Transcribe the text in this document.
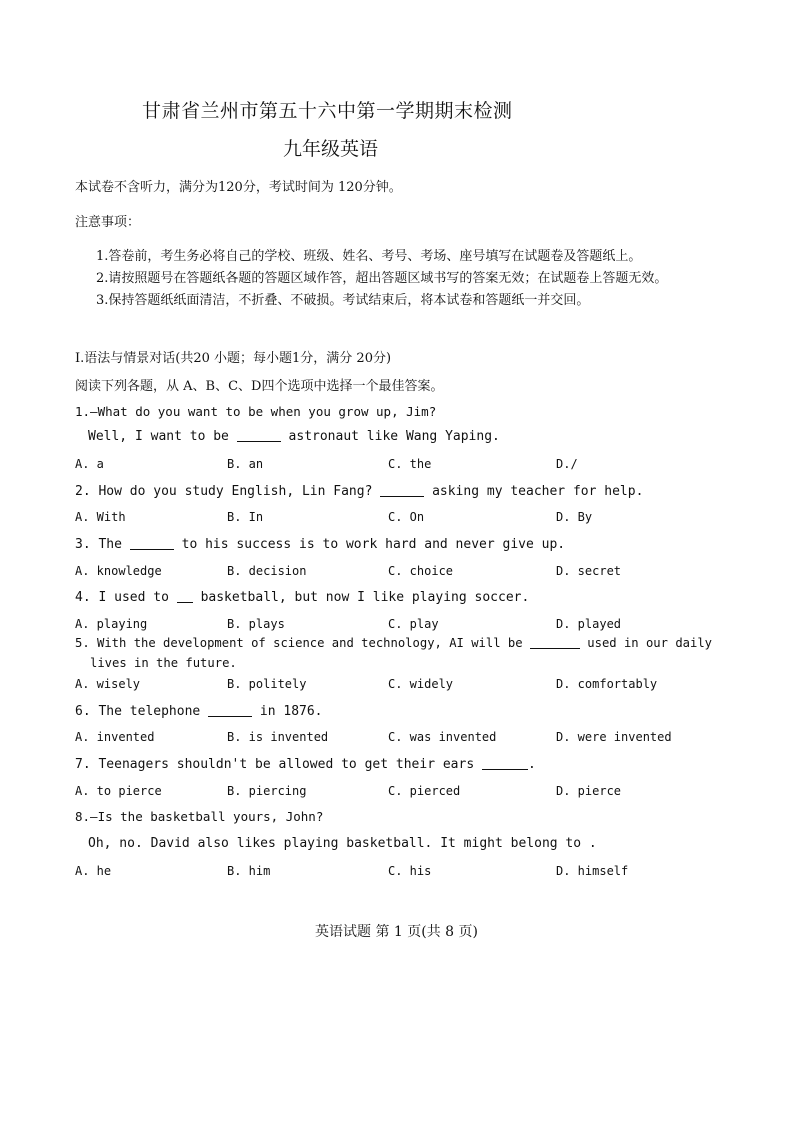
甘肃省兰州市第五十六中第一学期期末检测
九年级英语
本试卷不含听力，满分为120分，考试时间为 120分钟。
注意事项：
1.答卷前，考生务必将自己的学校、班级、姓名、考号、考场、座号填写在试题卷及答题纸上。
2.请按照题号在答题纸各题的答题区域作答，超出答题区域书写的答案无效；在试题卷上答题无效。
3.保持答题纸纸面清洁，不折叠、不破损。考试结束后，将本试卷和答题纸一并交回。
Ⅰ.语法与情景对话(共20 小题；每小题1分，满分 20分)
阅读下列各题，从 A、B、C、D四个选项中选择一个最佳答案。
1.—What do you want to be when you grow up, Jim?
Well, I want to be	astronaut like Wang Yaping.
A. a	B. an	C. the	D./
2. How do you study English, Lin Fang?	asking my teacher for help.
A. With	B. In	C. On	D. By
3. The	to his success is to work hard and never give up.
A. knowledge	B. decision	C. choice	D. secret
4. I used to  basketball, but now I like playing soccer.
A. playing	B. plays	C. play	D. played
5. With the development of science and technology, AI will be	used in our daily
lives in the future.
A. wisely	B. politely	C. widely	D. comfortably
6. The telephone	in 1876.
A. invented	B. is invented	C. was invented	D. were invented
7. Teenagers shouldn't be allowed to get their ears	.
A. to pierce	B. piercing	C. pierced	D. pierce
8.—Is the basketball yours, John?
Oh, no. David also likes playing basketball. It might belong to .
A. he	B. him	C. his	D. himself
英语试题 第 1 页(共 8 页)
